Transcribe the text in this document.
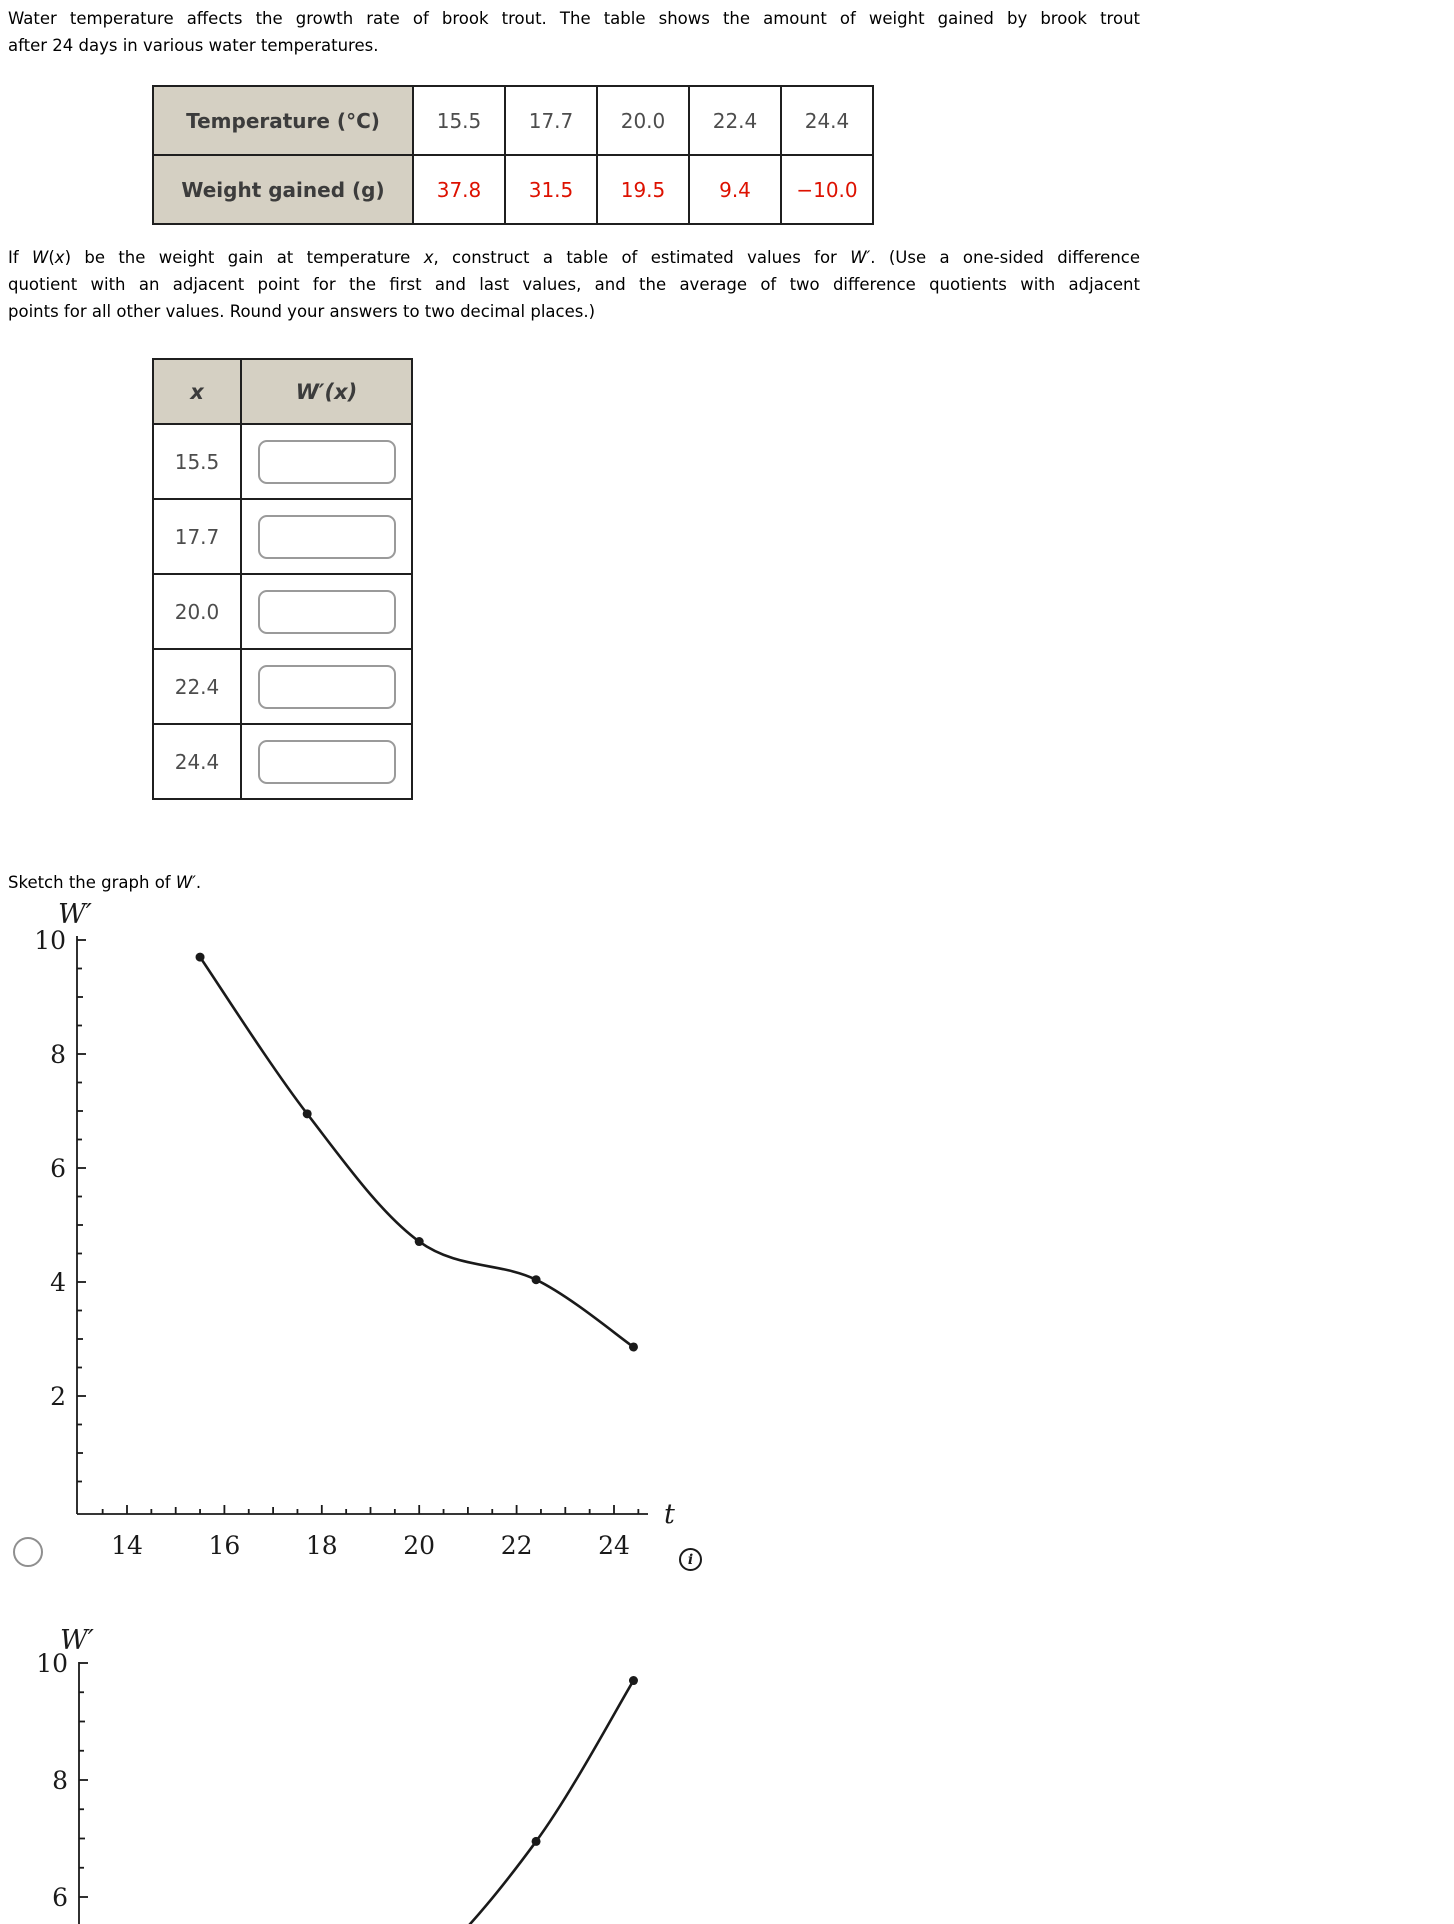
Water temperature affects the growth rate of brook trout. The table shows the amount of weight gained by brook trout
after 24 days in various water temperatures.
Temperature (°C)	15.5	17.7	20.0	22.4	24.4
Weight gained (g)	37.8	31.5	19.5	9.4	−10.0
If W(x) be the weight gain at temperature x, construct a table of estimated values for W′. (Use a one-sided difference
quotient with an adjacent point for the first and last values, and the average of two difference quotients with adjacent
points for all other values. Round your answers to two decimal places.)
x	W′(x)
15.5	

17.7	

20.0	

22.4	

24.4	
Sketch the graph of W′.
10
8
6
4
2
14	16	18	20	22	24
t
W′
i
10
8
6
W′
